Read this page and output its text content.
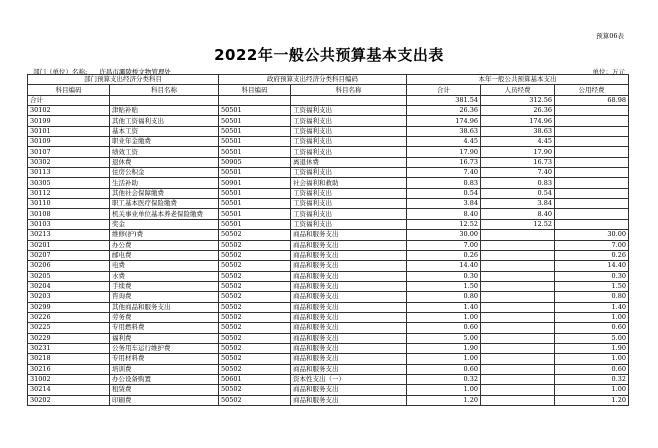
预算06表
2022年一般公共预算基本支出表
部门（单位）名称: 许昌市灞陵桥文物管理处	单位：万元
部门预算支出经济分类科目		政府预算支出经济分类科目编码		本年一般公共预算基本支出		
科目编码	科目名称	科目编码	科目名称	合计	人员经费	公用经费
合计				381.54	312.56	68.98
30102	津贴补贴	50501	工资福利支出	26.36	26.36	
30199	其他工资福利支出	50501	工资福利支出	174.96	174.96	
30101	基本工资	50501	工资福利支出	38.63	38.63	
30109	职业年金缴费	50501	工资福利支出	4.45	4.45	
30107	绩效工资	50501	工资福利支出	17.90	17.90	
30302	退休费	50905	离退休费	16.73	16.73	
30113	住房公积金	50501	工资福利支出	7.40	7.40	
30305	生活补助	50901	社会福利和救助	0.83	0.83	
30112	其他社会保障缴费	50501	工资福利支出	0.54	0.54	
30110	职工基本医疗保险缴费	50501	工资福利支出	3.84	3.84	
30108	机关事业单位基本养老保险缴费	50501	工资福利支出	8.40	8.40	
30103	奖金	50501	工资福利支出	12.52	12.52	
30213	维修(护)费	50502	商品和服务支出	30.00		30.00
30201	办公费	50502	商品和服务支出	7.00		7.00
30207	邮电费	50502	商品和服务支出	0.26		0.26
30206	电费	50502	商品和服务支出	14.40		14.40
30205	水费	50502	商品和服务支出	0.30		0.30
30204	手续费	50502	商品和服务支出	1.50		1.50
30203	咨询费	50502	商品和服务支出	0.80		0.80
30299	其他商品和服务支出	50502	商品和服务支出	1.40		1.40
30226	劳务费	50502	商品和服务支出	1.00		1.00
30225	专用燃料费	50502	商品和服务支出	0.60		0.60
30229	福利费	50502	商品和服务支出	5.00		5.00
30231	公务用车运行维护费	50502	商品和服务支出	1.90		1.90
30218	专用材料费	50502	商品和服务支出	1.00		1.00
30216	培训费	50502	商品和服务支出	0.60		0.60
31002	办公设备购置	50601	资本性支出（一）	0.32		0.32
30214	租赁费	50502	商品和服务支出	1.00		1.00
30202	印刷费	50502	商品和服务支出	1.20		1.20
